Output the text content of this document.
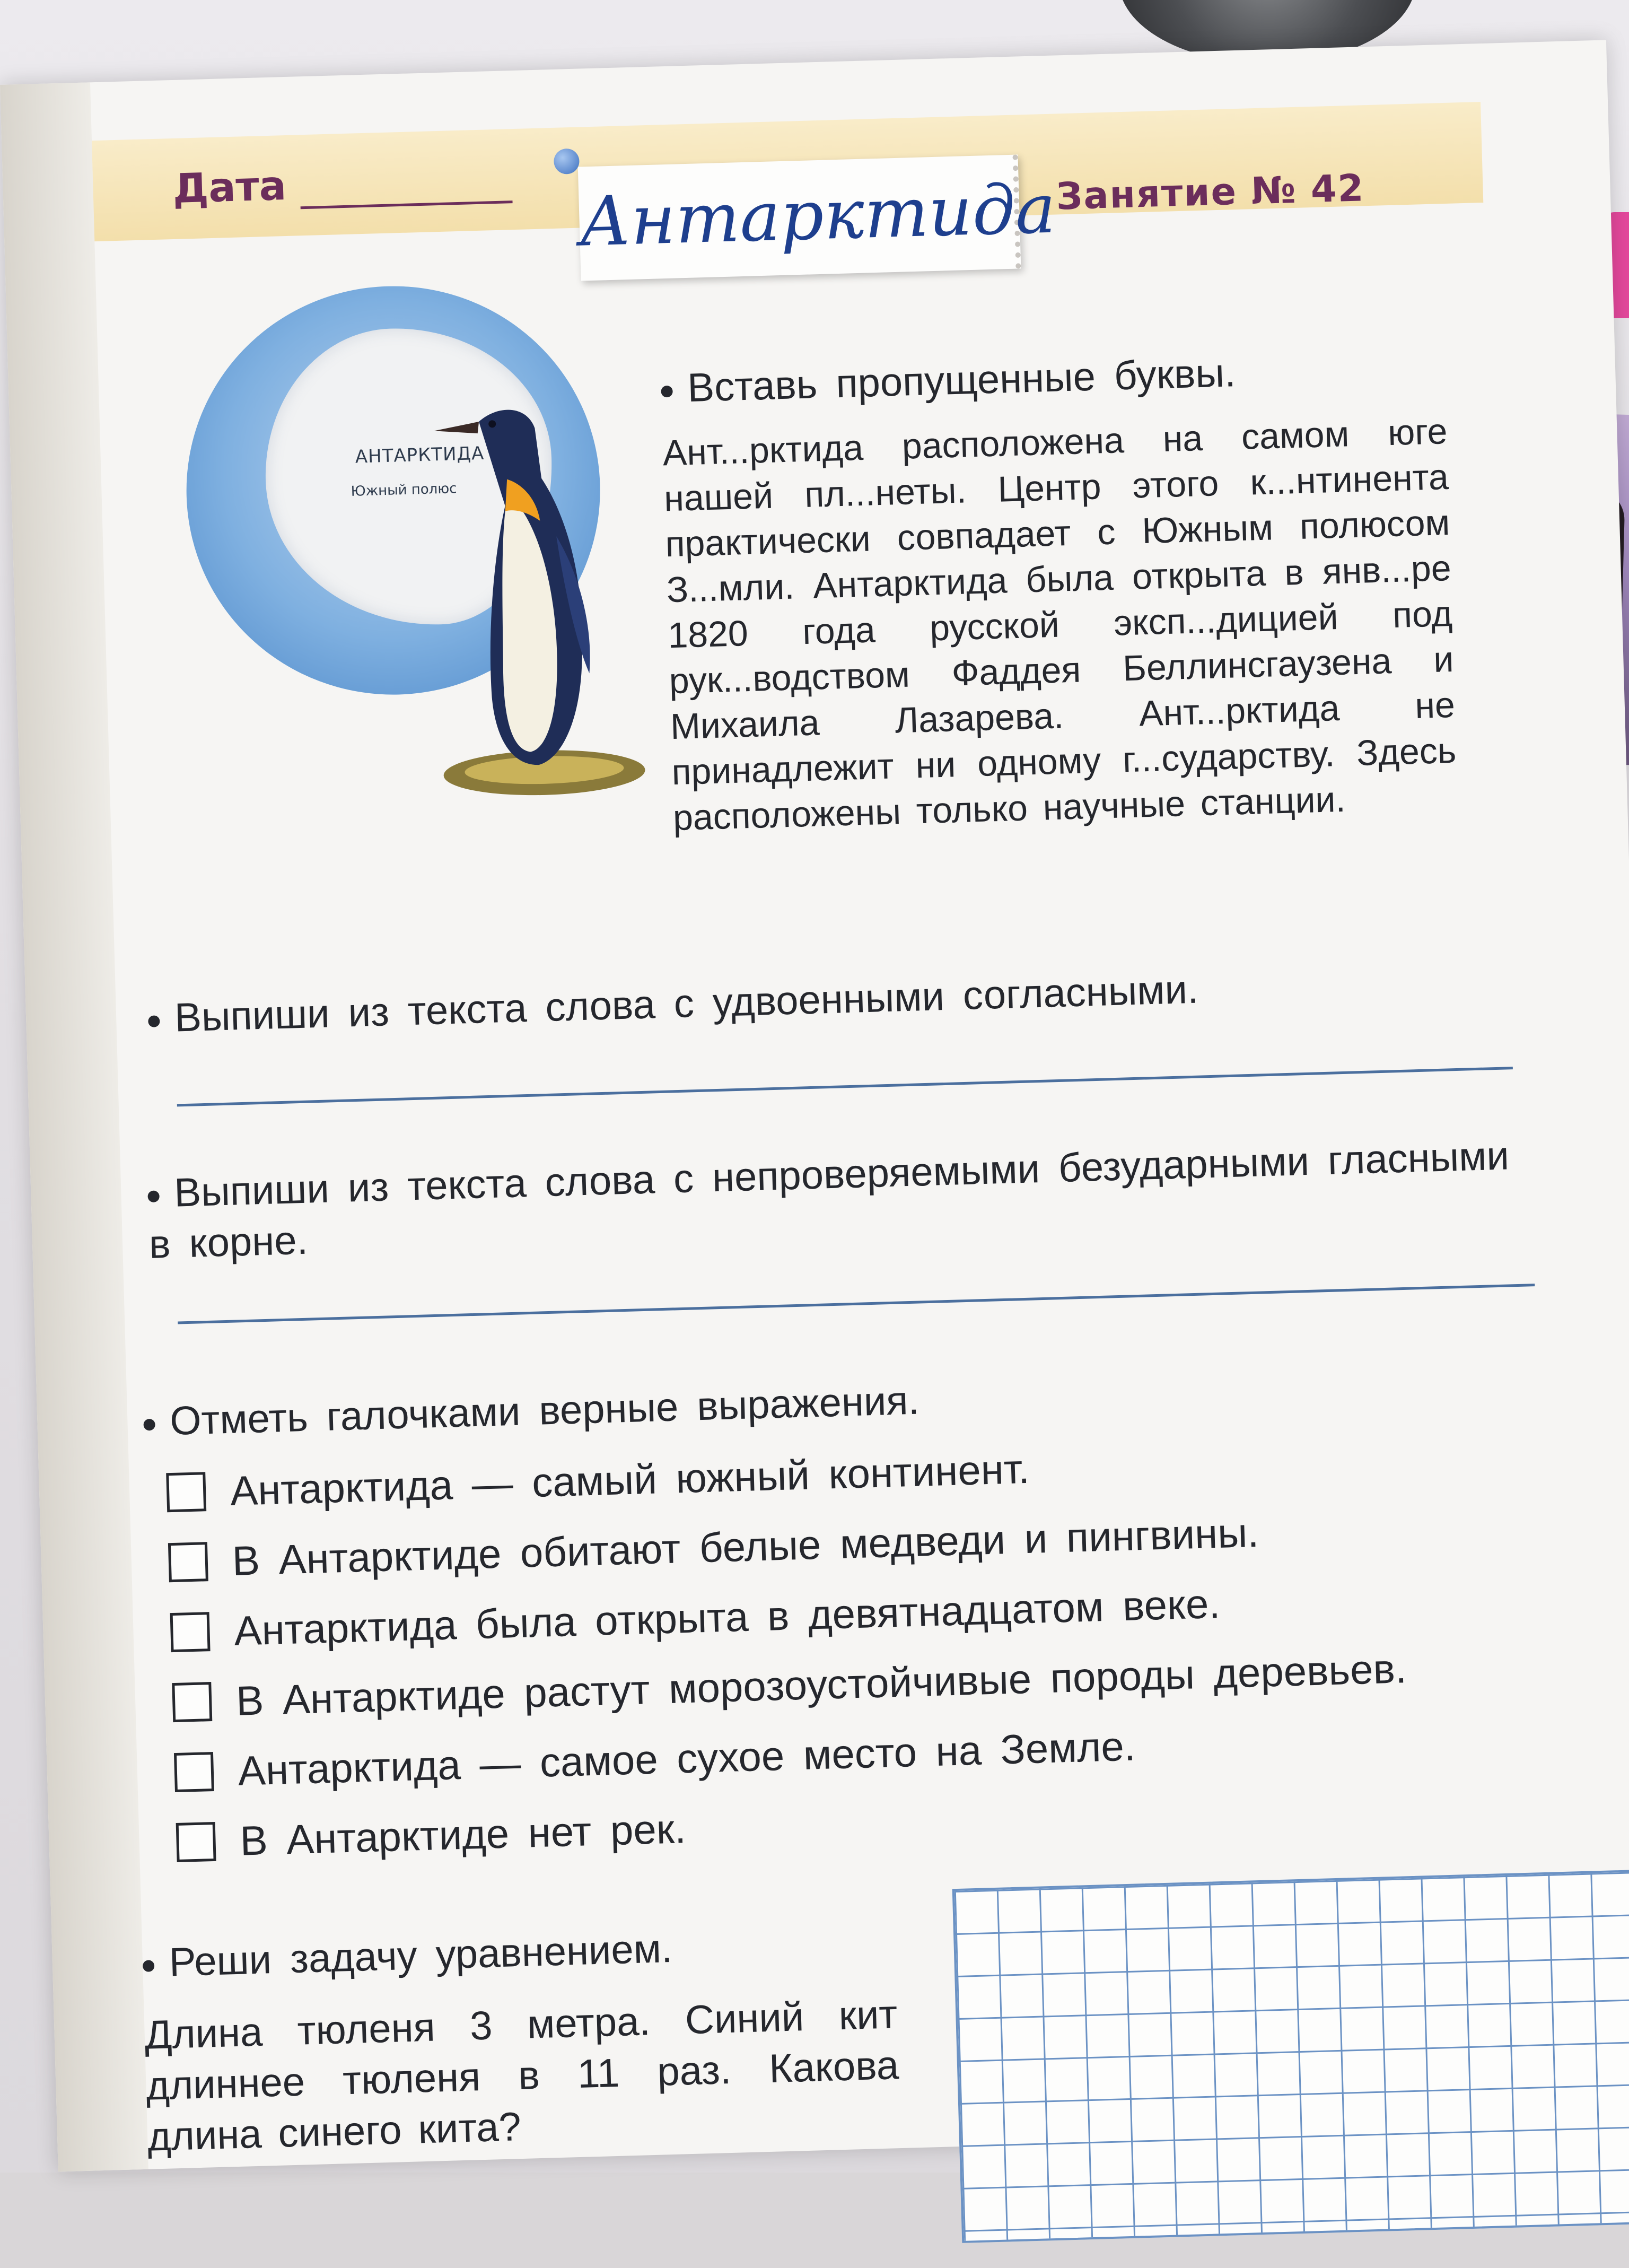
Дата	Антарктида
Занятие № 42
АНТАРКТИДА
Южный полюс
Вставь пропущенные буквы.
Ант...рктида расположена на самом юге нашей пл...неты. Центр этого к...нтинента практически совпадает с Южным полюсом З...мли. Антарктида была открыта в янв...ре 1820 года русской эксп...дицией под рук...водством Фаддея Беллинсгаузена и Михаила Лазарева. Ант...рктида не принадлежит ни одному г...сударству. Здесь расположены только научные станции.
Выпиши из текста слова с удвоенными согласными.
Выпиши из текста слова с непроверяемыми безударными гласными в корне.
Отметь галочками верные выражения.
Антарктида — самый южный континент.
В Антарктиде обитают белые медведи и пингвины.
Антарктида была открыта в девятнадцатом веке.
В Антарктиде растут морозоустойчивые породы деревьев.
Антарктида — самое сухое место на Земле.
В Антарктиде нет рек.
Реши задачу уравнением.
Длина тюленя 3 метра. Синий кит длиннее тюленя в 11 раз. Какова длина синего кита?
